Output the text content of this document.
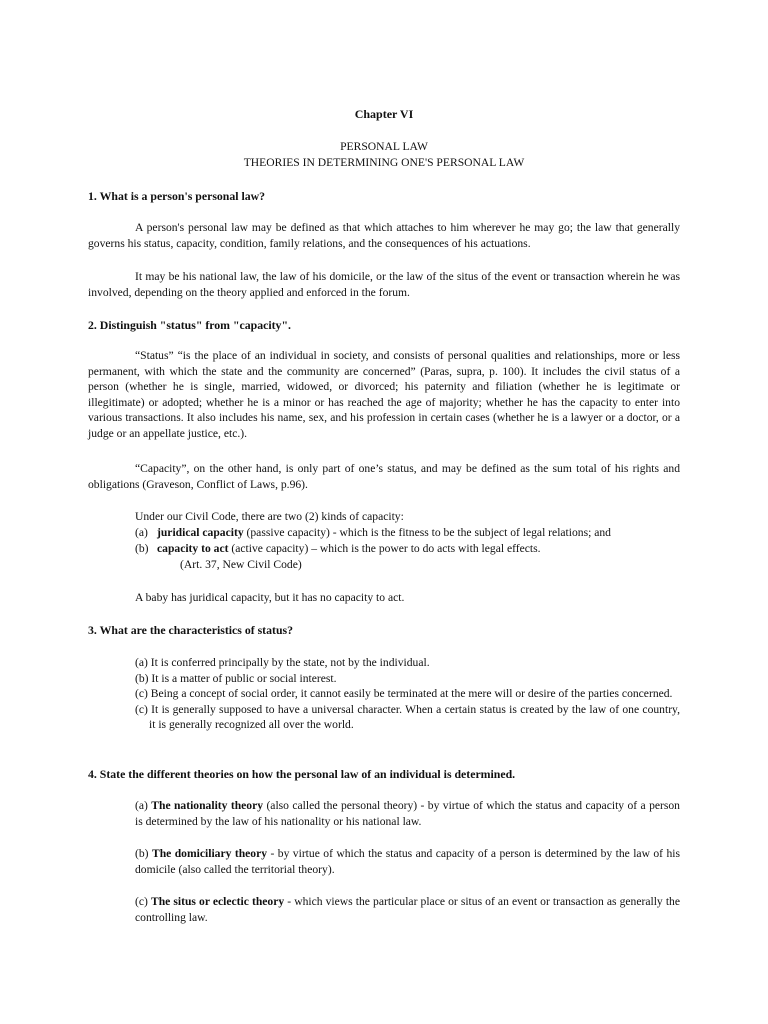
Chapter VI

PERSONAL LAW

THEORIES IN DETERMINING ONE'S PERSONAL LAW

1. What is a person's personal law?

A person's personal law may be defined as that which attaches to him wherever he may go; the law that generally governs his status, capacity, condition, family relations, and the consequences of his actuations.

It may be his national law, the law of his domicile, or the law of the situs of the event or transaction wherein he was involved, depending on the theory applied and enforced in the forum.

2. Distinguish "status" from "capacity".

“Status” “is the place of an individual in society, and consists of personal qualities and relationships, more or less permanent, with which the state and the community are concerned” (Paras, supra, p. 100). It includes the civil status of a person (whether he is single, married, widowed, or divorced; his paternity and filiation (whether he is legitimate or illegitimate) or adopted; whether he is a minor or has reached the age of majority; whether he has the capacity to enter into various transactions. It also includes his name, sex, and his profession in certain cases (whether he is a lawyer or a doctor, or a judge or an appellate justice, etc.).

“Capacity”, on the other hand, is only part of one’s status, and may be defined as the sum total of his rights and obligations (Graveson, Conflict of Laws, p.96).

Under our Civil Code, there are two (2) kinds of capacity:

(a) juridical capacity (passive capacity) - which is the fitness to be the subject of legal relations; and
(b) capacity to act (active capacity) – which is the power to do acts with legal effects.

(Art. 37, New Civil Code)

A baby has juridical capacity, but it has no capacity to act.

3. What are the characteristics of status?

(a) It is conferred principally by the state, not by the individual.
(b) It is a matter of public or social interest.
(c) Being a concept of social order, it cannot easily be terminated at the mere will or desire of the parties concerned.
(c) It is generally supposed to have a universal character. When a certain status is created by the law of one country, it is generally recognized all over the world.

4. State the different theories on how the personal law of an individual is determined.

(a) The nationality theory (also called the personal theory) - by virtue of which the status and capacity of a person is determined by the law of his nationality or his national law.

(b) The domiciliary theory - by virtue of which the status and capacity of a person is determined by the law of his domicile (also called the territorial theory).

(c) The situs or eclectic theory - which views the particular place or situs of an event or transaction as generally the controlling law.
